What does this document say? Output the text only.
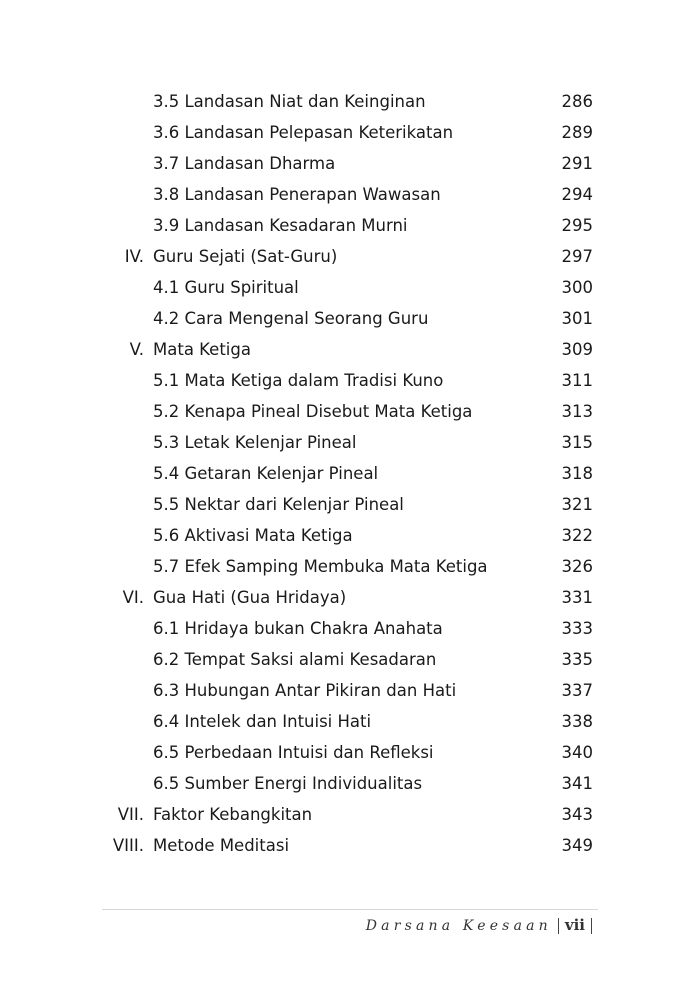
3.5 Landasan Niat dan Keinginan	286
3.6 Landasan Pelepasan Keterikatan	289
3.7 Landasan Dharma	291
3.8 Landasan Penerapan Wawasan	294
3.9 Landasan Kesadaran Murni	295
IV. Guru Sejati (Sat-Guru)	297
4.1 Guru Spiritual	300
4.2 Cara Mengenal Seorang Guru	301
V. Mata Ketiga	309
5.1 Mata Ketiga dalam Tradisi Kuno	311
5.2 Kenapa Pineal Disebut Mata Ketiga	313
5.3 Letak Kelenjar Pineal	315
5.4 Getaran Kelenjar Pineal	318
5.5 Nektar dari Kelenjar Pineal	321
5.6 Aktivasi Mata Ketiga	322
5.7 Efek Samping Membuka Mata Ketiga	326
VI. Gua Hati (Gua Hridaya)	331
6.1 Hridaya bukan Chakra Anahata	333
6.2 Tempat Saksi alami Kesadaran	335
6.3 Hubungan Antar Pikiran dan Hati	337
6.4 Intelek dan Intuisi Hati	338
6.5 Perbedaan Intuisi dan Refleksi	340
6.5 Sumber Energi Individualitas	341
VII. Faktor Kebangkitan	343
VIII. Metode Meditasi	349
Darsana Keesaan vii
